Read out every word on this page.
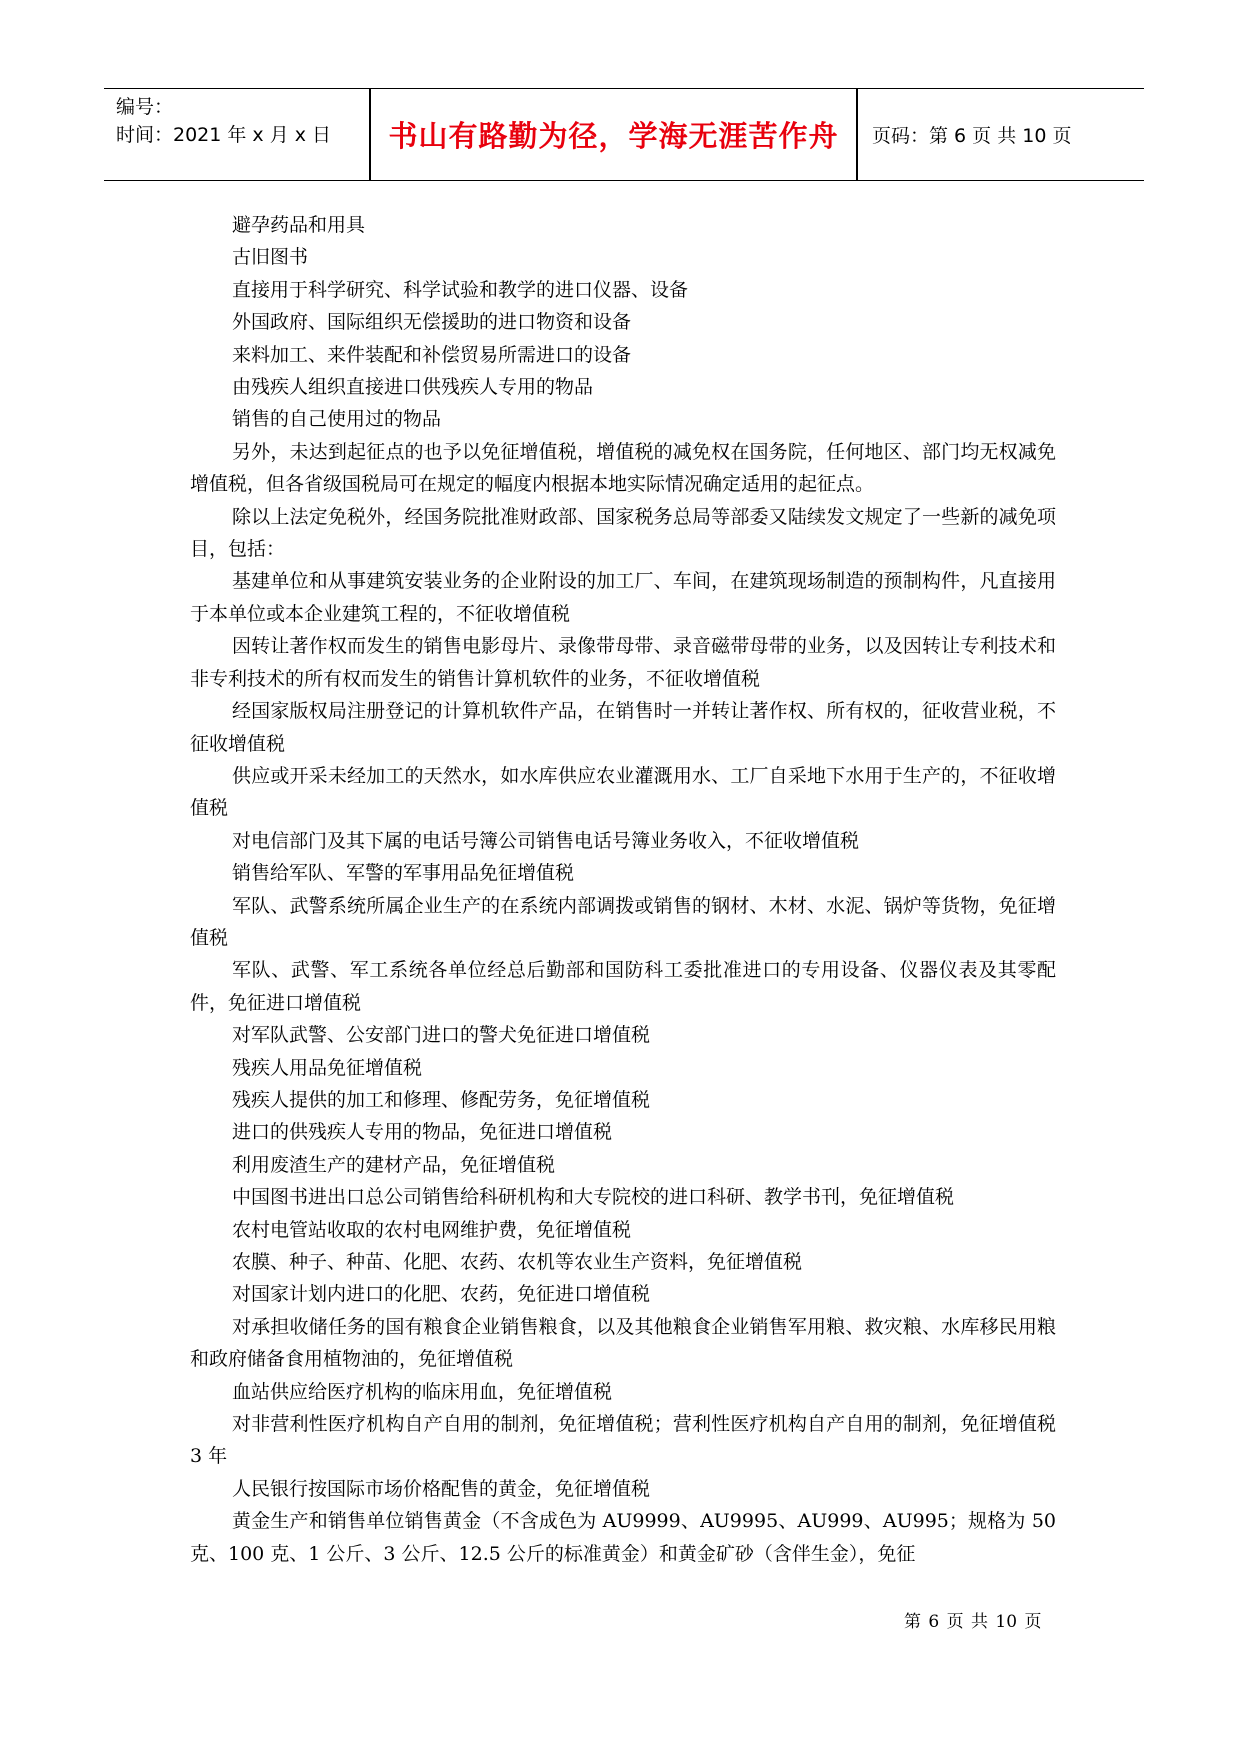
编号：
时间：2021 年 x 月 x 日	书山有路勤为径，学海无涯苦作舟	页码：第 6 页 共 10 页

避孕药品和用具

古旧图书

直接用于科学研究、科学试验和教学的进口仪器、设备

外国政府、国际组织无偿援助的进口物资和设备

来料加工、来件装配和补偿贸易所需进口的设备

由残疾人组织直接进口供残疾人专用的物品

销售的自己使用过的物品

另外，未达到起征点的也予以免征增值税，增值税的减免权在国务院，任何地区、部门均无权减免增值税，但各省级国税局可在规定的幅度内根据本地实际情况确定适用的起征点。

除以上法定免税外，经国务院批准财政部、国家税务总局等部委又陆续发文规定了一些新的减免项目，包括：

基建单位和从事建筑安装业务的企业附设的加工厂、车间，在建筑现场制造的预制构件，凡直接用于本单位或本企业建筑工程的，不征收增值税

因转让著作权而发生的销售电影母片、录像带母带、录音磁带母带的业务，以及因转让专利技术和非专利技术的所有权而发生的销售计算机软件的业务，不征收增值税

经国家版权局注册登记的计算机软件产品，在销售时一并转让著作权、所有权的，征收营业税，不征收增值税

供应或开采未经加工的天然水，如水库供应农业灌溉用水、工厂自采地下水用于生产的，不征收增值税

对电信部门及其下属的电话号簿公司销售电话号簿业务收入，不征收增值税

销售给军队、军警的军事用品免征增值税

军队、武警系统所属企业生产的在系统内部调拨或销售的钢材、木材、水泥、锅炉等货物，免征增值税

军队、武警、军工系统各单位经总后勤部和国防科工委批准进口的专用设备、仪器仪表及其零配件，免征进口增值税

对军队武警、公安部门进口的警犬免征进口增值税

残疾人用品免征增值税

残疾人提供的加工和修理、修配劳务，免征增值税

进口的供残疾人专用的物品，免征进口增值税

利用废渣生产的建材产品，免征增值税

中国图书进出口总公司销售给科研机构和大专院校的进口科研、教学书刊，免征增值税

农村电管站收取的农村电网维护费，免征增值税

农膜、种子、种苗、化肥、农药、农机等农业生产资料，免征增值税

对国家计划内进口的化肥、农药，免征进口增值税

对承担收储任务的国有粮食企业销售粮食，以及其他粮食企业销售军用粮、救灾粮、水库移民用粮和政府储备食用植物油的，免征增值税

血站供应给医疗机构的临床用血，免征增值税

对非营利性医疗机构自产自用的制剂，免征增值税；营利性医疗机构自产自用的制剂，免征增值税 3 年

人民银行按国际市场价格配售的黄金，免征增值税

黄金生产和销售单位销售黄金（不含成色为 AU9999、AU9995、AU999、AU995；规格为 50 克、100 克、1 公斤、3 公斤、12.5 公斤的标准黄金）和黄金矿砂（含伴生金），免征

第 6 页 共 10 页
